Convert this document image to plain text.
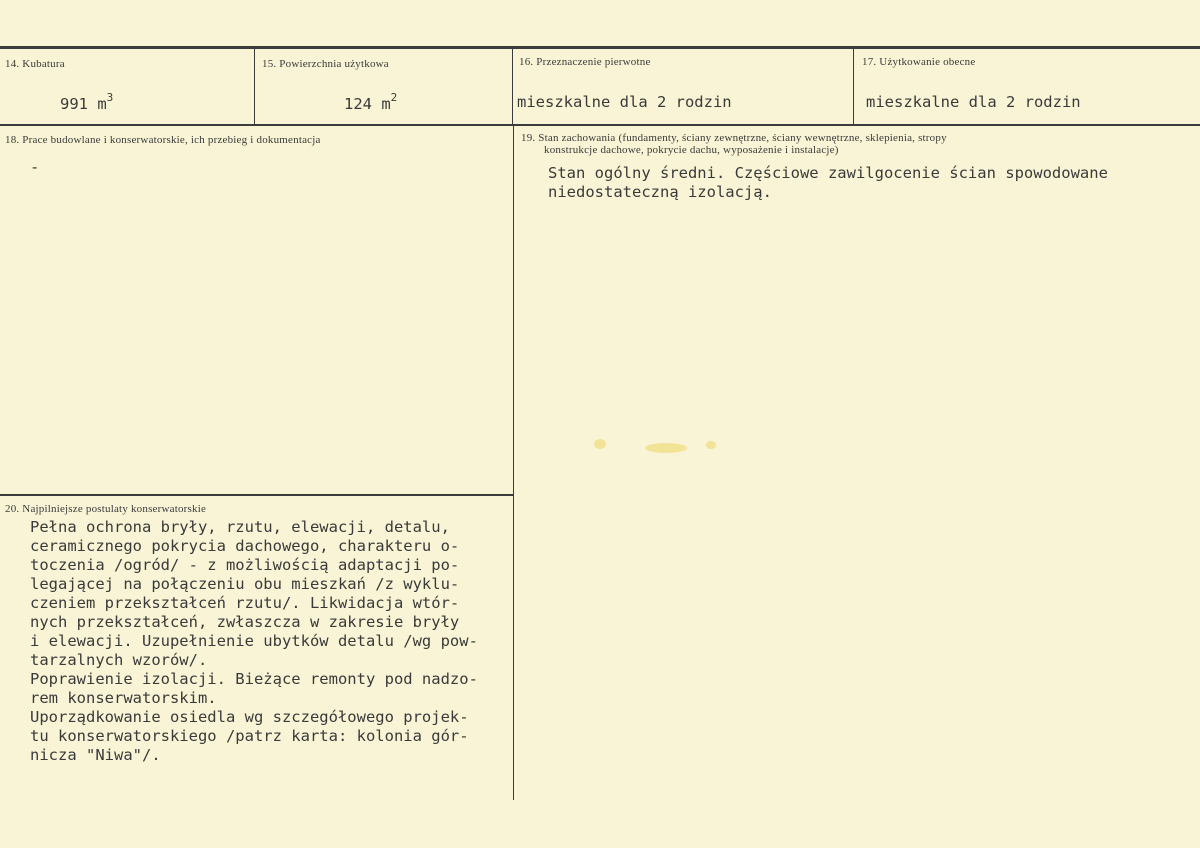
14. Kubatura
991 $m^3$
15. Powierzchnia użytkowa
124 $m^2$
16. Przeznaczenie pierwotne
mieszkalne dla 2 rodzin
17. Użytkowanie obecne
mieszkalne dla 2 rodzin
18. Prace budowlane i konserwatorskie, ich przebieg i dokumentacja
-
19. Stan zachowania (fundamenty, ściany zewnętrzne, ściany wewnętrzne, sklepienia, stropy
konstrukcje dachowe, pokrycie dachu, wyposażenie i instalacje)
Stan ogólny średni. Częściowe zawilgocenie ścian spowodowane
niedostateczną izolacją.
20. Najpilniejsze postulaty konserwatorskie
Pełna ochrona bryły, rzutu, elewacji, detalu,
ceramicznego pokrycia dachowego, charakteru o-
toczenia /ogród/ - z możliwością adaptacji po-
legającej na połączeniu obu mieszkań /z wyklu-
czeniem przekształceń rzutu/. Likwidacja wtór-
nych przekształceń, zwłaszcza w zakresie bryły
i elewacji. Uzupełnienie ubytków detalu /wg pow-
tarzalnych wzorów/.
Poprawienie izolacji. Bieżące remonty pod nadzo-
rem konserwatorskim.
Uporządkowanie osiedla wg szczegółowego projek-
tu konserwatorskiego /patrz karta: kolonia gór-
nicza "Niwa"/.
